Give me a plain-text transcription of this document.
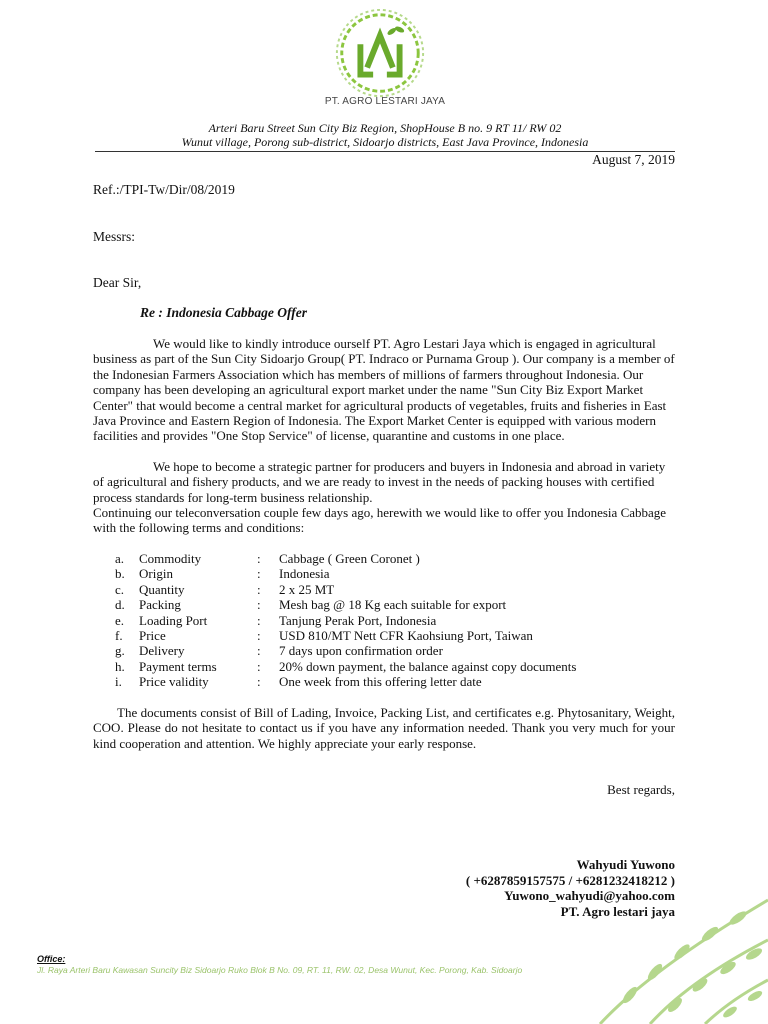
PT. AGRO LESTARI JAYA
Arteri Baru Street Sun City Biz Region, ShopHouse B no. 9 RT 11/ RW 02
Wunut village, Porong sub-district, Sidoarjo districts, East Java Province, Indonesia
August 7, 2019
Ref.:/TPI-Tw/Dir/08/2019
Messrs:
Dear Sir,
Re : Indonesia Cabbage Offer

We would like to kindly introduce ourself PT. Agro Lestari Jaya which is engaged in agricultural business as part of the Sun City Sidoarjo Group( PT. Indraco or Purnama Group ). Our company is a member of the Indonesian Farmers Association which has members of millions of farmers throughout Indonesia. Our company has been developing an agricultural export market under the name "Sun City Biz Export Market Center" that would become a central market for agricultural products of vegetables, fruits and fisheries in East Java Province and Eastern Region of Indonesia. The Export Market Center is equipped with various modern facilities and provides "One Stop Service" of license, quarantine and customs in one place.

We hope to become a strategic partner for producers and buyers in Indonesia and abroad in variety of agricultural and fishery products, and we are ready to invest in the needs of packing houses with certified process standards for long-term business relationship.

Continuing our teleconversation couple few days ago, herewith we would like to offer you Indonesia Cabbage with the following terms and conditions:

a.	Commodity	:	Cabbage ( Green Coronet )
b.	Origin	:	Indonesia
c.	Quantity	:	2 x 25 MT
d.	Packing	:	Mesh bag @ 18 Kg each suitable for export
e.	Loading Port	:	Tanjung Perak Port, Indonesia
f.	Price	:	USD 810/MT Nett CFR Kaohsiung Port, Taiwan
g.	Delivery	:	7 days upon confirmation order
h.	Payment terms	:	20% down payment, the balance against copy documents
i.	Price validity	:	One week from this offering letter date

The documents consist of Bill of Lading, Invoice, Packing List, and certificates e.g. Phytosanitary, Weight, COO. Please do not hesitate to contact us if you have any information needed. Thank you very much for your kind cooperation and attention. We highly appreciate your early response.

Best regards,
Wahyudi Yuwono
( +6287859157575 / +6281232418212 )
Yuwono_wahyudi@yahoo.com
PT. Agro lestari jaya
Office:
Jl. Raya Arteri Baru Kawasan Suncity Biz Sidoarjo Ruko Blok B No. 09, RT. 11, RW. 02, Desa Wunut, Kec. Porong, Kab. Sidoarjo
